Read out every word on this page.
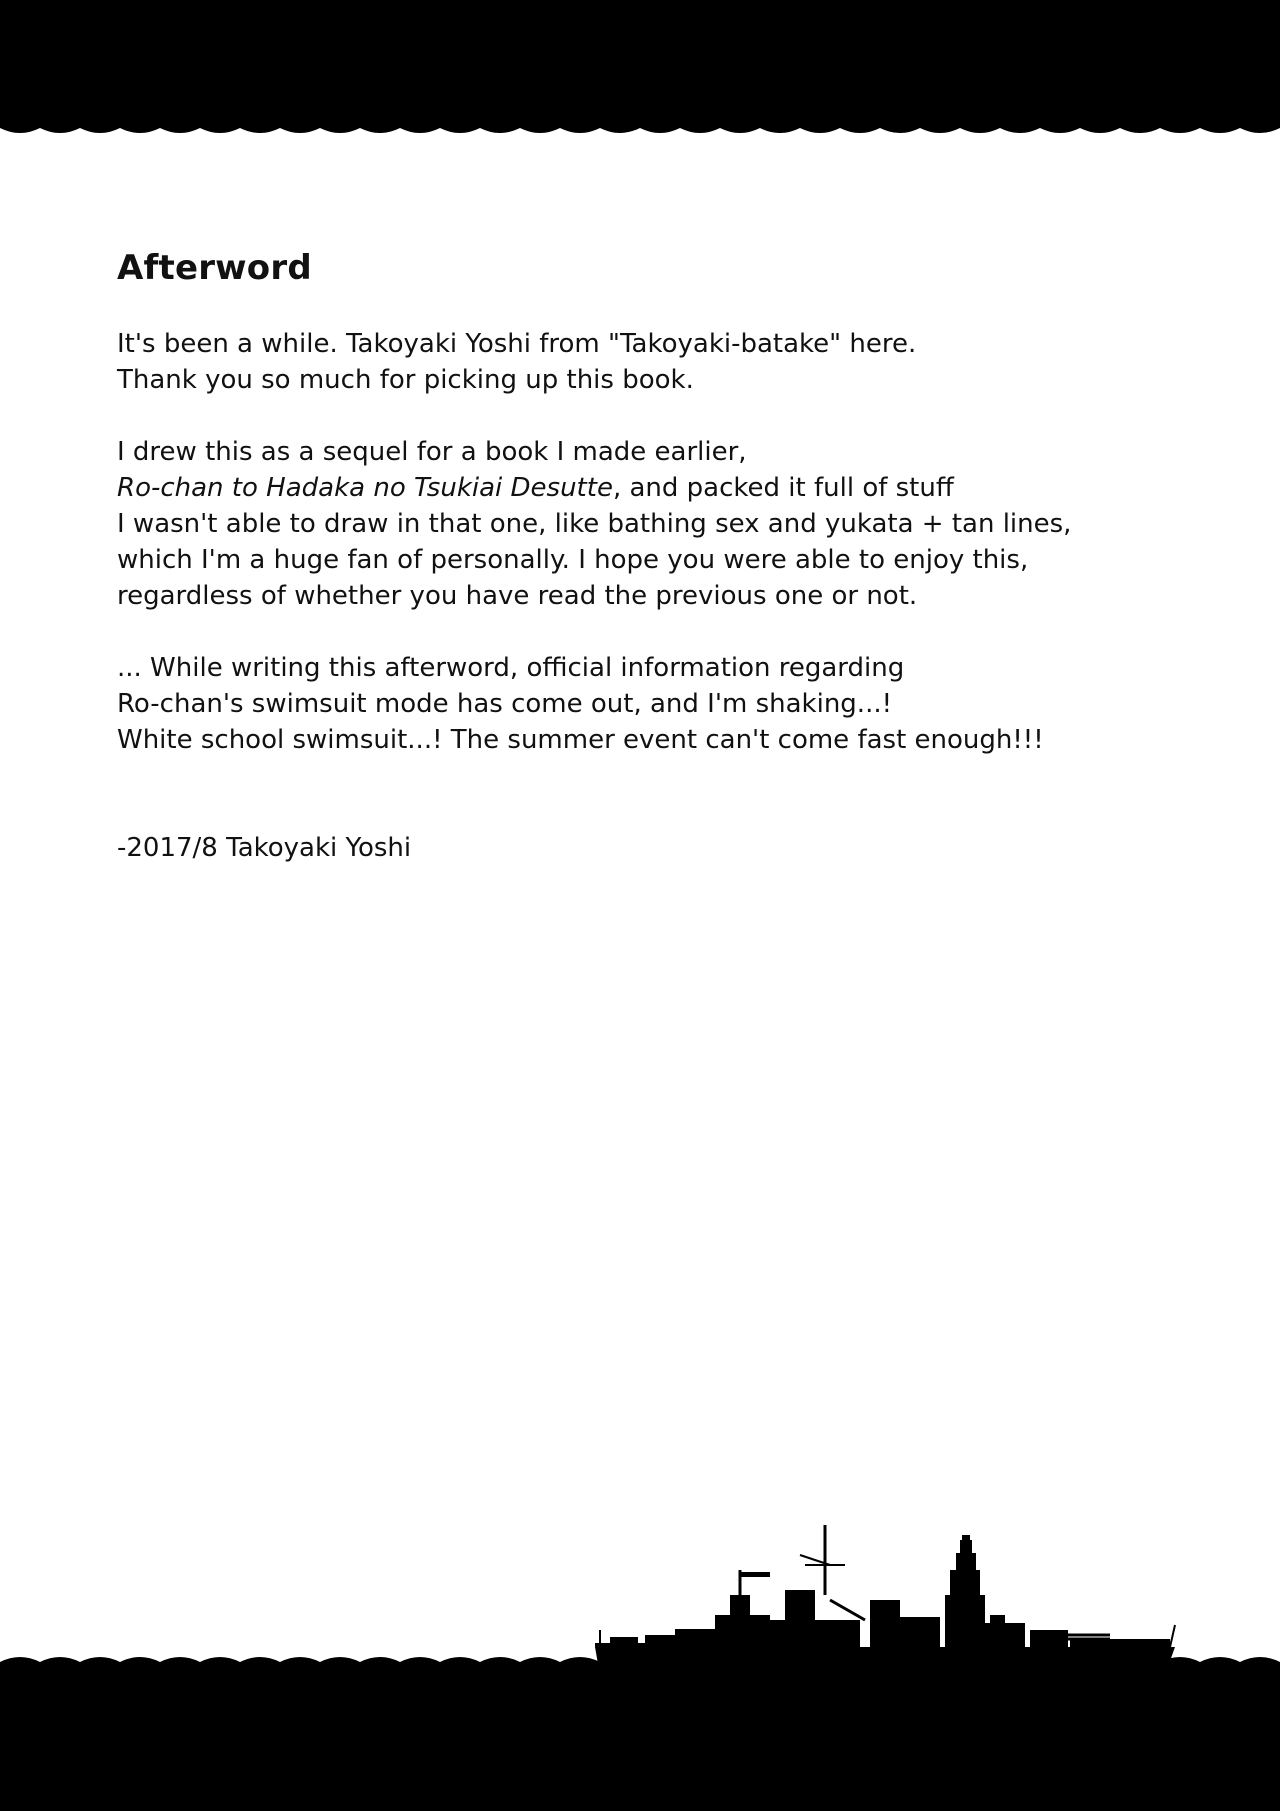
Afterword

It's been a while. Takoyaki Yoshi from "Takoyaki-batake" here.
Thank you so much for picking up this book.

I drew this as a sequel for a book I made earlier,
Ro-chan to Hadaka no Tsukiai Desutte, and packed it full of stuff
I wasn't able to draw in that one, like bathing sex and yukata + tan lines,
which I'm a huge fan of personally. I hope you were able to enjoy this,
regardless of whether you have read the previous one or not.

... While writing this afterword, official information regarding
Ro-chan's swimsuit mode has come out, and I'm shaking...!
White school swimsuit...! The summer event can't come fast enough!!!

-2017/8 Takoyaki Yoshi
